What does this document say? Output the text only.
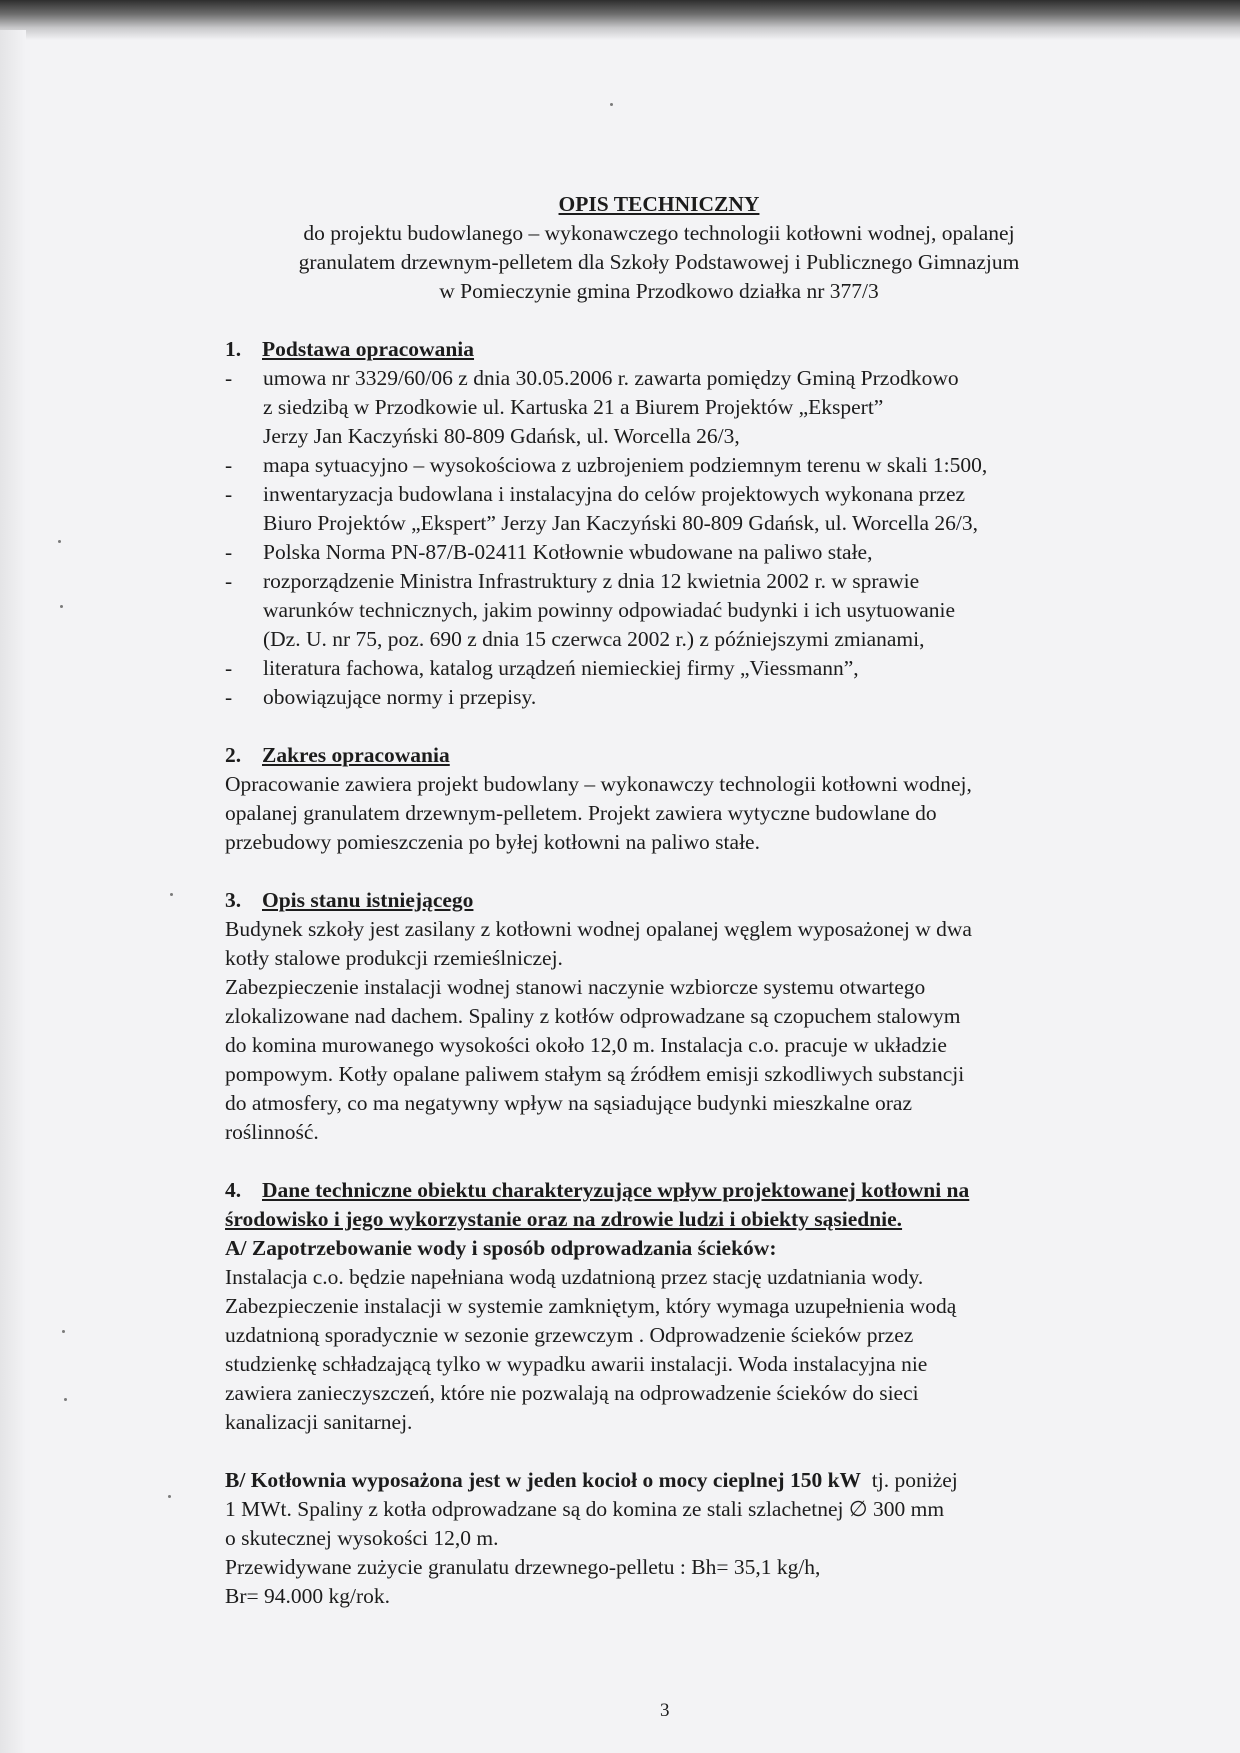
OPIS TECHNICZNY
do projektu budowlanego – wykonawczego technologii kotłowni wodnej, opalanej
granulatem drzewnym-pelletem dla Szkoły Podstawowej i Publicznego Gimnazjum
w Pomieczynie gmina Przodkowo działka nr 377/3
1. Podstawa opracowania
- umowa nr 3329/60/06 z dnia 30.05.2006 r. zawarta pomiędzy Gminą Przodkowo
z siedzibą w Przodkowie ul. Kartuska 21 a Biurem Projektów „Ekspert”
Jerzy Jan Kaczyński 80-809 Gdańsk, ul. Worcella 26/3,
- mapa sytuacyjno – wysokościowa z uzbrojeniem podziemnym terenu w skali 1:500,
- inwentaryzacja budowlana i instalacyjna do celów projektowych wykonana przez
Biuro Projektów „Ekspert” Jerzy Jan Kaczyński 80-809 Gdańsk, ul. Worcella 26/3,
- Polska Norma PN-87/B-02411 Kotłownie wbudowane na paliwo stałe,
- rozporządzenie Ministra Infrastruktury z dnia 12 kwietnia 2002 r. w sprawie
warunków technicznych, jakim powinny odpowiadać budynki i ich usytuowanie
(Dz. U. nr 75, poz. 690 z dnia 15 czerwca 2002 r.) z późniejszymi zmianami,
- literatura fachowa, katalog urządzeń niemieckiej firmy „Viessmann”,
- obowiązujące normy i przepisy.
2. Zakres opracowania
Opracowanie zawiera projekt budowlany – wykonawczy technologii kotłowni wodnej,
opalanej granulatem drzewnym-pelletem. Projekt zawiera wytyczne budowlane do
przebudowy pomieszczenia po byłej kotłowni na paliwo stałe.
3. Opis stanu istniejącego
Budynek szkoły jest zasilany z kotłowni wodnej opalanej węglem wyposażonej w dwa
kotły stalowe produkcji rzemieślniczej.
Zabezpieczenie instalacji wodnej stanowi naczynie wzbiorcze systemu otwartego
zlokalizowane nad dachem. Spaliny z kotłów odprowadzane są czopuchem stalowym
do komina murowanego wysokości około 12,0 m. Instalacja c.o. pracuje w układzie
pompowym. Kotły opalane paliwem stałym są źródłem emisji szkodliwych substancji
do atmosfery, co ma negatywny wpływ na sąsiadujące budynki mieszkalne oraz
roślinność.
4. Dane techniczne obiektu charakteryzujące wpływ projektowanej kotłowni na
środowisko i jego wykorzystanie oraz na zdrowie ludzi i obiekty sąsiednie.
A/ Zapotrzebowanie wody i sposób odprowadzania ścieków:
Instalacja c.o. będzie napełniana wodą uzdatnioną przez stację uzdatniania wody.
Zabezpieczenie instalacji w systemie zamkniętym, który wymaga uzupełnienia wodą
uzdatnioną sporadycznie w sezonie grzewczym . Odprowadzenie ścieków przez
studzienkę schładzającą tylko w wypadku awarii instalacji. Woda instalacyjna nie
zawiera zanieczyszczeń, które nie pozwalają na odprowadzenie ścieków do sieci
kanalizacji sanitarnej.
B/ Kotłownia wyposażona jest w jeden kocioł o mocy cieplnej 150 kW  tj. poniżej
1 MWt. Spaliny z kotła odprowadzane są do komina ze stali szlachetnej ∅ 300 mm
o skutecznej wysokości 12,0 m.
Przewidywane zużycie granulatu drzewnego-pelletu : Bh= 35,1 kg/h,
Br= 94.000 kg/rok.
3
